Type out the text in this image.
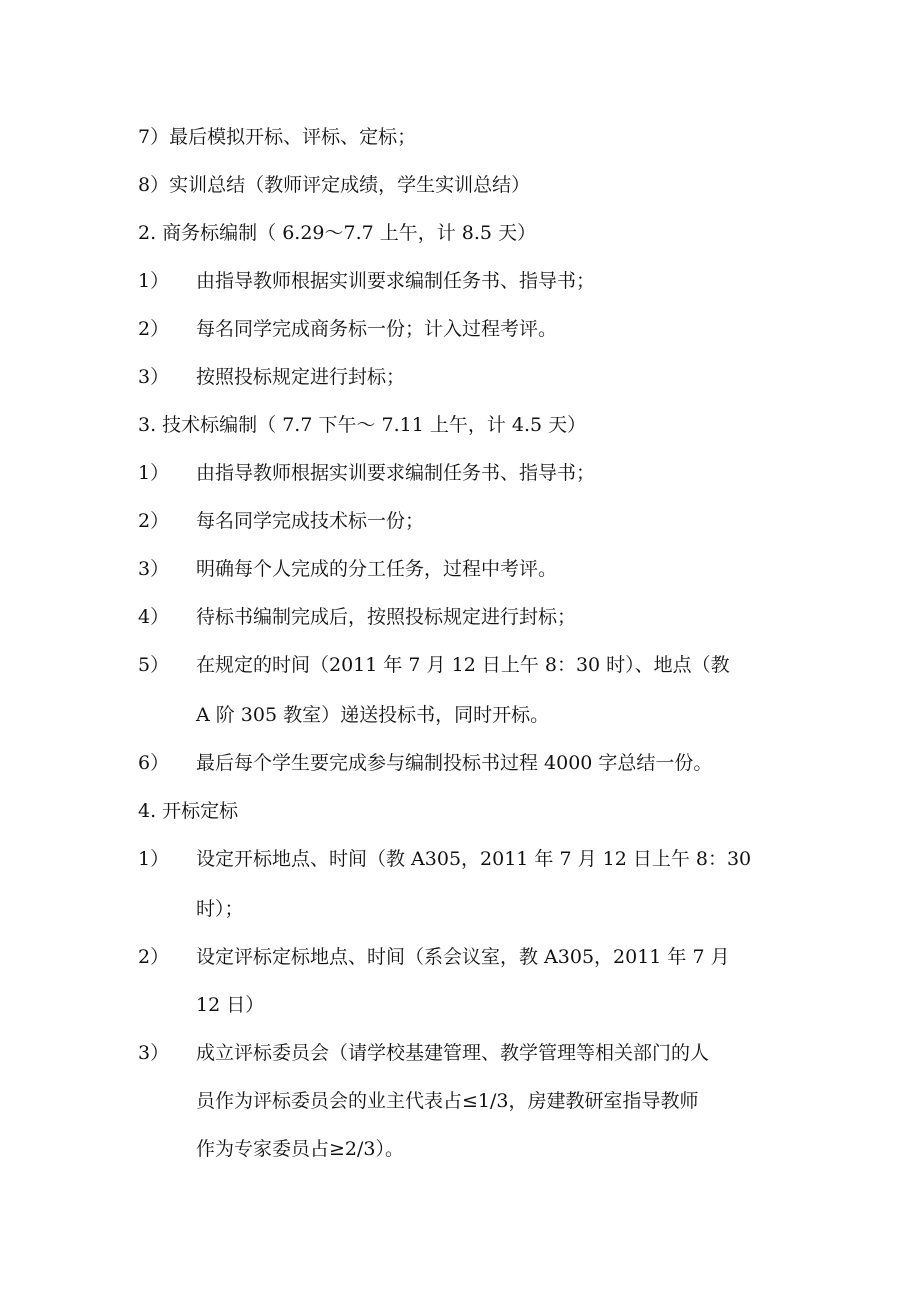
7）最后模拟开标、评标、定标；
8）实训总结（教师评定成绩，学生实训总结）
2. 商务标编制（ 6.29～7.7 上午，计 8.5 天）
1） 由指导教师根据实训要求编制任务书、指导书；
2） 每名同学完成商务标一份；计入过程考评。
3） 按照投标规定进行封标；
3. 技术标编制（ 7.7 下午～ 7.11 上午，计 4.5 天）
1） 由指导教师根据实训要求编制任务书、指导书；
2） 每名同学完成技术标一份；
3） 明确每个人完成的分工任务，过程中考评。
4） 待标书编制完成后，按照投标规定进行封标；
5） 在规定的时间（2011 年 7 月 12 日上午 8：30 时）、地点（教
A 阶 305 教室）递送投标书，同时开标。
6） 最后每个学生要完成参与编制投标书过程 4000 字总结一份。
4. 开标定标
1） 设定开标地点、时间（教 A305，2011 年 7 月 12 日上午 8：30
时）；
2） 设定评标定标地点、时间（系会议室，教 A305，2011 年 7 月
12 日）
3） 成立评标委员会（请学校基建管理、教学管理等相关部门的人
员作为评标委员会的业主代表占≤1/3，房建教研室指导教师
作为专家委员占≥2/3）。
